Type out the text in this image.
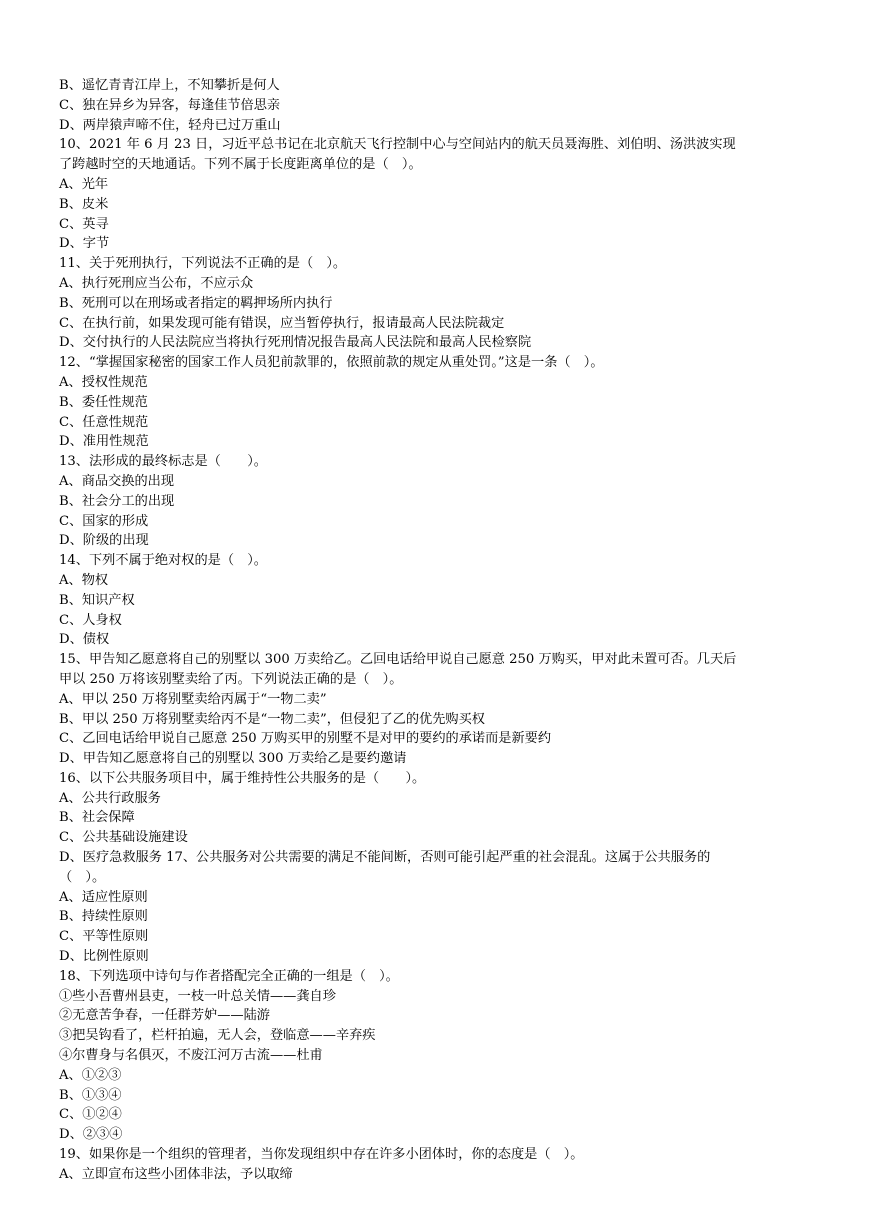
B、遥忆青青江岸上，不知攀折是何人
C、独在异乡为异客，每逢佳节倍思亲
D、两岸猿声啼不住，轻舟已过万重山
10、2021 年 6 月 23 日，习近平总书记在北京航天飞行控制中心与空间站内的航天员聂海胜、刘伯明、汤洪波实现
了跨越时空的天地通话。下列不属于长度距离单位的是（　）。
A、光年
B、皮米
C、英寻
D、字节
11、关于死刑执行，下列说法不正确的是（　）。
A、执行死刑应当公布，不应示众
B、死刑可以在刑场或者指定的羁押场所内执行
C、在执行前，如果发现可能有错误，应当暂停执行，报请最高人民法院裁定
D、交付执行的人民法院应当将执行死刑情况报告最高人民法院和最高人民检察院
12、“掌握国家秘密的国家工作人员犯前款罪的，依照前款的规定从重处罚。”这是一条（　）。
A、授权性规范
B、委任性规范
C、任意性规范
D、准用性规范
13、法形成的最终标志是（　　）。
A、商品交换的出现
B、社会分工的出现
C、国家的形成
D、阶级的出现
14、下列不属于绝对权的是（　）。
A、物权
B、知识产权
C、人身权
D、债权
15、甲告知乙愿意将自己的别墅以 300 万卖给乙。乙回电话给甲说自己愿意 250 万购买，甲对此未置可否。几天后
甲以 250 万将该别墅卖给了丙。下列说法正确的是（　）。
A、甲以 250 万将别墅卖给丙属于“一物二卖”
B、甲以 250 万将别墅卖给丙不是“一物二卖”，但侵犯了乙的优先购买权
C、乙回电话给甲说自己愿意 250 万购买甲的别墅不是对甲的要约的承诺而是新要约
D、甲告知乙愿意将自己的别墅以 300 万卖给乙是要约邀请
16、以下公共服务项目中，属于维持性公共服务的是（　　）。
A、公共行政服务
B、社会保障
C、公共基础设施建设
D、医疗急救服务 17、公共服务对公共需要的满足不能间断，否则可能引起严重的社会混乱。这属于公共服务的
（　）。
A、适应性原则
B、持续性原则
C、平等性原则
D、比例性原则
18、下列选项中诗句与作者搭配完全正确的一组是（　）。
①些小吾曹州县吏，一枝一叶总关情——龚自珍
②无意苦争春，一任群芳妒——陆游
③把吴钩看了，栏杆拍遍，无人会，登临意——辛弃疾
④尔曹身与名俱灭，不废江河万古流——杜甫
A、①②③
B、①③④
C、①②④
D、②③④
19、如果你是一个组织的管理者，当你发现组织中存在许多小团体时，你的态度是（　）。
A、立即宣布这些小团体非法，予以取缔
